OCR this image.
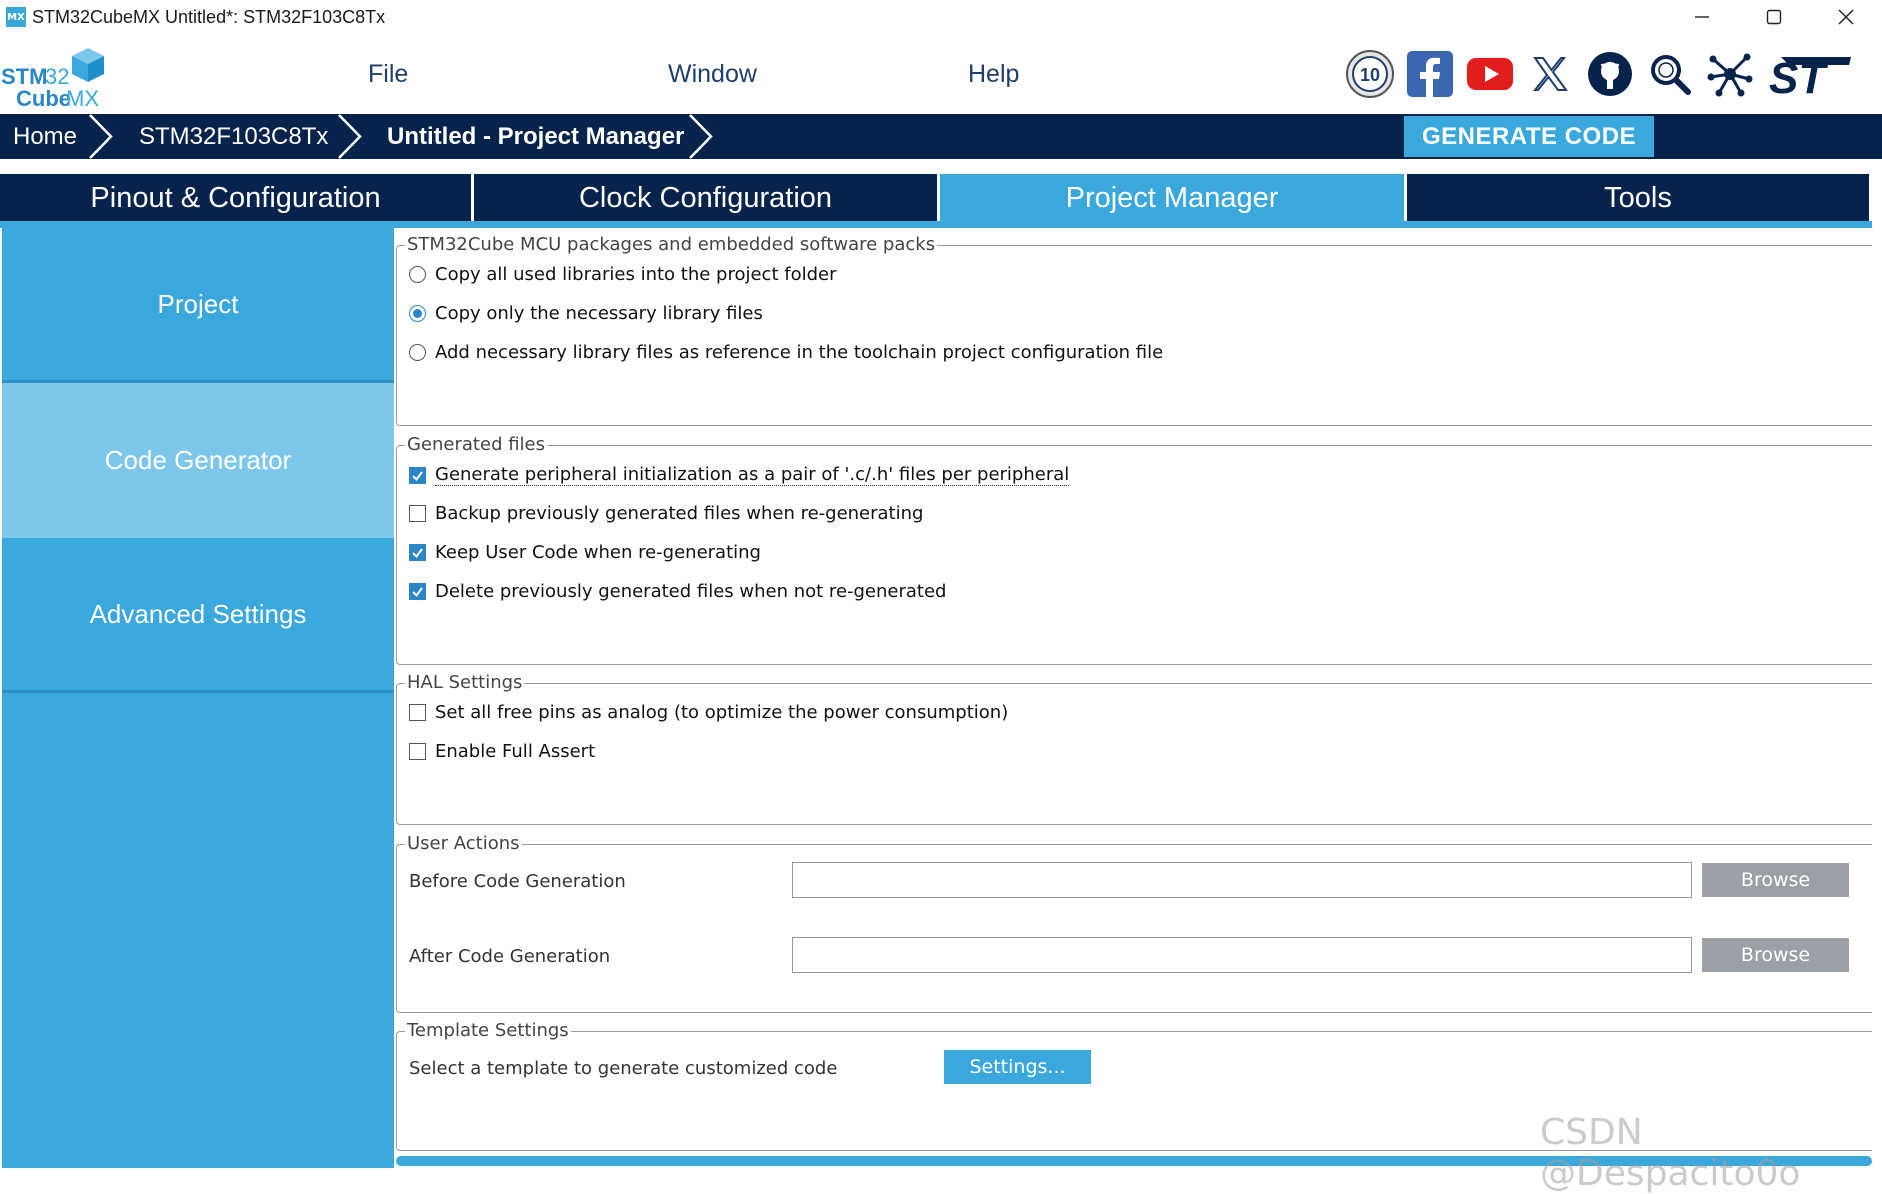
MX STM32CubeMX Untitled*: STM32F103C8Tx
STM
32
Cube
MX
File	Window	Help	10	ST
Home	STM32F103C8Tx Untitled - Project Manager	GENERATE CODE
Pinout & Configuration	Clock Configuration	Project Manager	Tools
Project
Code Generator
Advanced Settings
STM32Cube MCU packages and embedded software packs
Copy all used libraries into the project folder
Copy only the necessary library files
Add necessary library files as reference in the toolchain project configuration file
Generated files
Generate peripheral initialization as a pair of '.c/.h' files per peripheral
Backup previously generated files when re-generating
Keep User Code when re-generating
Delete previously generated files when not re-generated
HAL Settings
Set all free pins as analog (to optimize the power consumption)
Enable Full Assert
User Actions
Before Code Generation	Browse
After Code Generation	Browse
Template Settings
Select a template to generate customized code	Settings...
CSDN @Despacito0o
